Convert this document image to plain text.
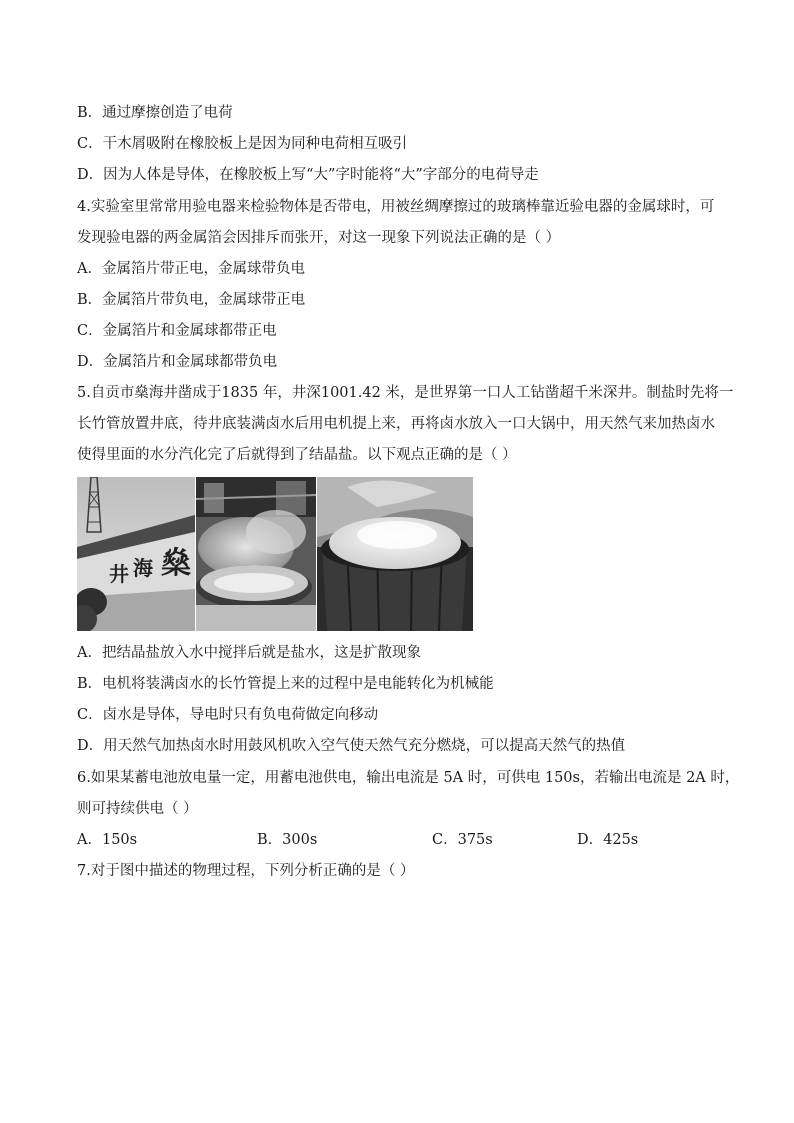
B．通过摩擦创造了电荷
C．干木屑吸附在橡胶板上是因为同种电荷相互吸引
D．因为人体是导体，在橡胶板上写“大”字时能将“大”字部分的电荷导走
4.实验室里常常用验电器来检验物体是否带电，用被丝绸摩擦过的玻璃棒靠近验电器的金属球时，可
发现验电器的两金属箔会因排斥而张开，对这一现象下列说法正确的是（ ）
A．金属箔片带正电，金属球带负电
B．金属箔片带负电，金属球带正电
C．金属箔片和金属球都带正电
D．金属箔片和金属球都带负电
5.自贡市燊海井凿成于1835 年，井深1001.42 米，是世界第一口人工钻凿超千米深井。制盐时先将一
长竹管放置井底，待井底装满卤水后用电机提上来，再将卤水放入一口大锅中，用天然气来加热卤水
使得里面的水分汽化完了后就得到了结晶盐。以下观点正确的是（ ）
井 海 燊
A．把结晶盐放入水中搅拌后就是盐水，这是扩散现象
B．电机将装满卤水的长竹管提上来的过程中是电能转化为机械能
C．卤水是导体，导电时只有负电荷做定向移动
D．用天然气加热卤水时用鼓风机吹入空气使天然气充分燃烧，可以提高天然气的热值
6.如果某蓄电池放电量一定，用蓄电池供电，输出电流是 5A 时，可供电 150s，若输出电流是 2A 时，
则可持续供电（ ）
A．150s	B．300s	C．375s	D．425s
7.对于图中描述的物理过程，下列分析正确的是（ ）
